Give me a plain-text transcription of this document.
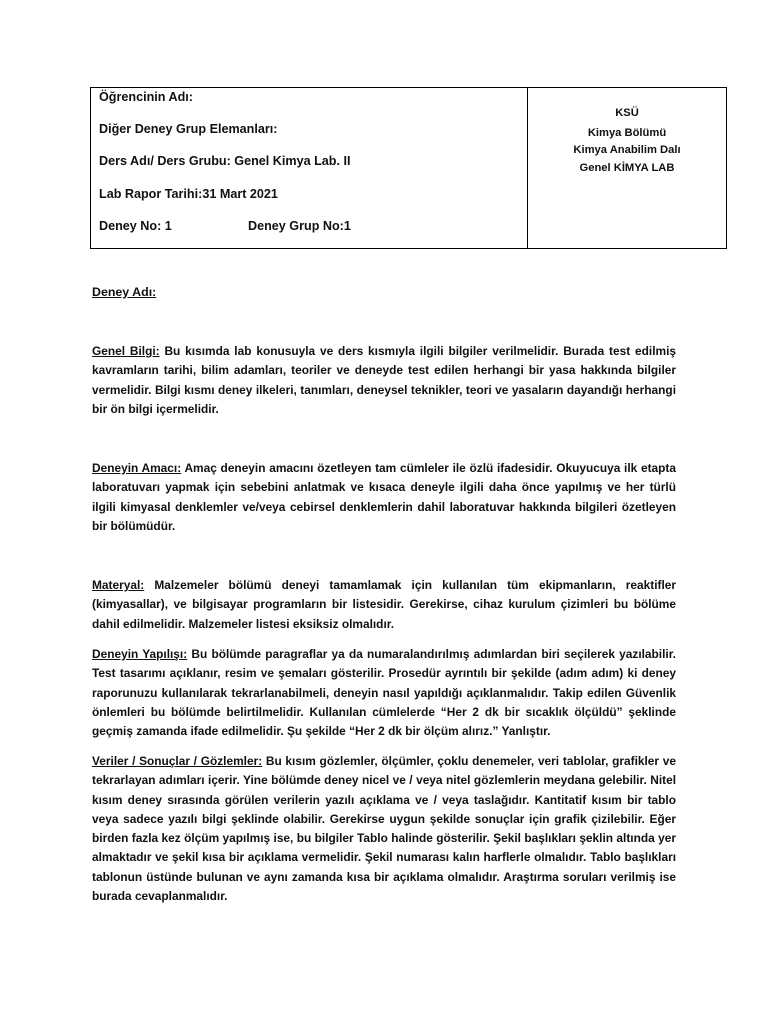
Öğrencinin Adı:
Diğer Deney Grup Elemanları:
Ders Adı/ Ders Grubu: Genel Kimya Lab. II
Lab Rapor Tarihi:31 Mart 2021
Deney No: 1	Deney Grup No:1
KSÜ
Kimya Bölümü
Kimya Anabilim Dalı
Genel KİMYA LAB
Deney Adı:
Genel Bilgi: Bu kısımda lab konusuyla ve ders kısmıyla ilgili bilgiler verilmelidir. Burada test edilmiş kavramların tarihi, bilim adamları, teoriler ve deneyde test edilen herhangi bir yasa hakkında bilgiler vermelidir. Bilgi kısmı deney ilkeleri, tanımları, deneysel teknikler, teori ve yasaların dayandığı herhangi bir ön bilgi içermelidir.
Deneyin Amacı: Amaç deneyin amacını özetleyen tam cümleler ile özlü ifadesidir. Okuyucuya ilk etapta laboratuvarı yapmak için sebebini anlatmak ve kısaca deneyle ilgili daha önce yapılmış ve her türlü ilgili kimyasal denklemler ve/veya cebirsel denklemlerin dahil laboratuvar hakkında bilgileri özetleyen bir bölümüdür.
Materyal: Malzemeler bölümü deneyi tamamlamak için kullanılan tüm ekipmanların, reaktifler (kimyasallar), ve bilgisayar programların bir listesidir. Gerekirse, cihaz kurulum çizimleri bu bölüme dahil edilmelidir. Malzemeler listesi eksiksiz olmalıdır.
Deneyin Yapılışı: Bu bölümde paragraflar ya da numaralandırılmış adımlardan biri seçilerek yazılabilir. Test tasarımı açıklanır, resim ve şemaları gösterilir. Prosedür ayrıntılı bir şekilde (adım adım) ki deney raporunuzu kullanılarak tekrarlanabilmeli, deneyin nasıl yapıldığı açıklanmalıdır. Takip edilen Güvenlik önlemleri bu bölümde belirtilmelidir. Kullanılan cümlelerde “Her 2 dk bir sıcaklık ölçüldü” şeklinde geçmiş zamanda ifade edilmelidir. Şu şekilde “Her 2 dk bir ölçüm alırız.” Yanlıştır.
Veriler / Sonuçlar / Gözlemler: Bu kısım gözlemler, ölçümler, çoklu denemeler, veri tablolar, grafikler ve tekrarlayan adımları içerir. Yine bölümde deney nicel ve / veya nitel gözlemlerin meydana gelebilir. Nitel kısım deney sırasında görülen verilerin yazılı açıklama ve / veya taslağıdır. Kantitatif kısım bir tablo veya sadece yazılı bilgi şeklinde olabilir. Gerekirse uygun şekilde sonuçlar için grafik çizilebilir. Eğer birden fazla kez ölçüm yapılmış ise, bu bilgiler Tablo halinde gösterilir. Şekil başlıkları şeklin altında yer almaktadır ve şekil kısa bir açıklama vermelidir. Şekil numarası kalın harflerle olmalıdır. Tablo başlıkları tablonun üstünde bulunan ve aynı zamanda kısa bir açıklama olmalıdır. Araştırma soruları verilmiş ise burada cevaplanmalıdır.
